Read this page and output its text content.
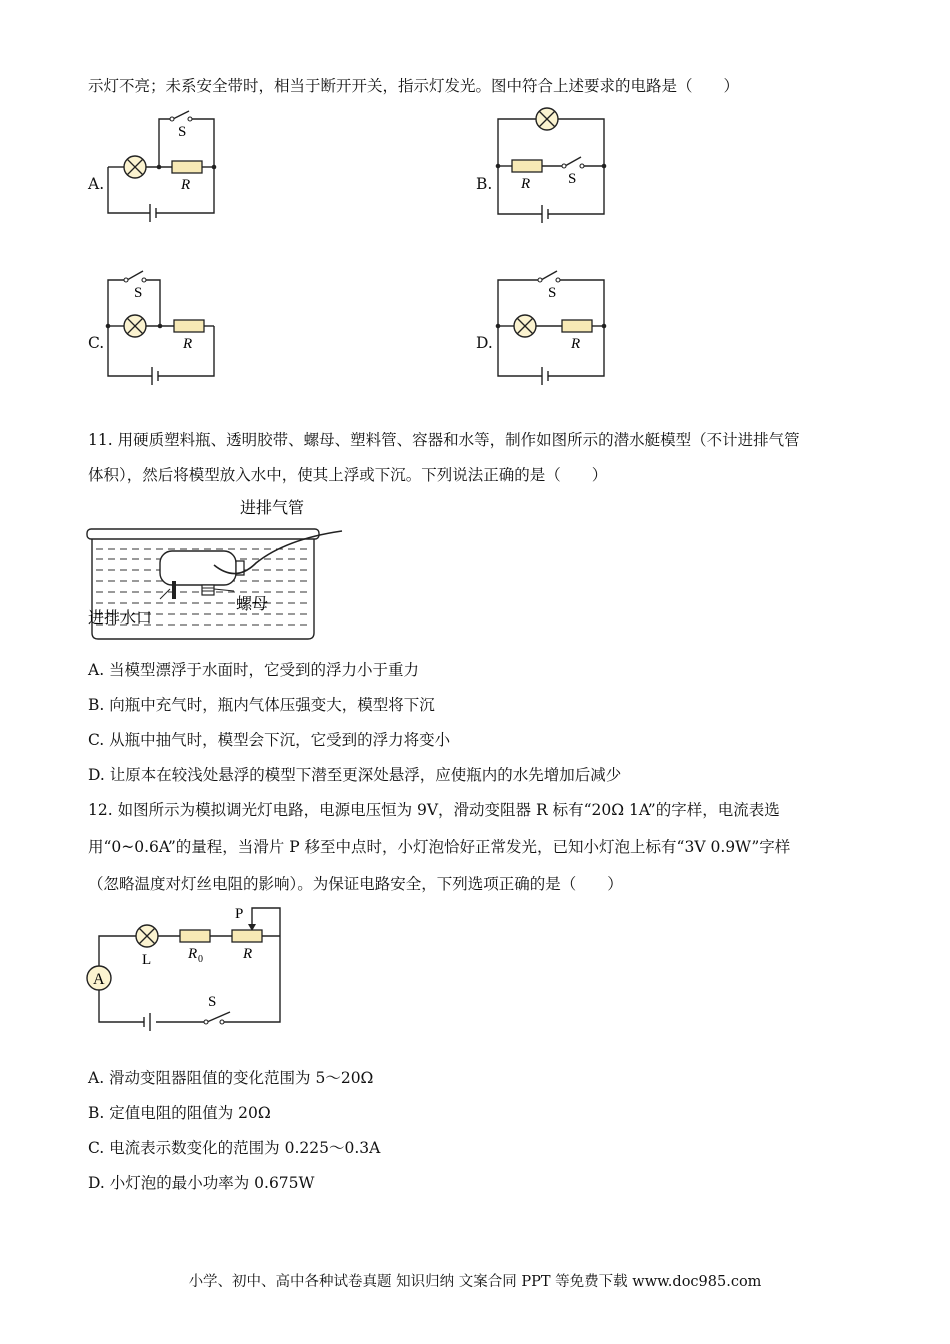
示灯不亮；未系安全带时，相当于断开开关，指示灯发光。图中符合上述要求的电路是（　　）
S
R
A.	S
R
B.
S
R
C.
S
R
D.
11. 用硬质塑料瓶、透明胶带、螺母、塑料管、容器和水等，制作如图所示的潜水艇模型（不计进排气管
体积），然后将模型放入水中，使其上浮或下沉。下列说法正确的是（　　）
进排气管
进排水口
螺母
A. 当模型漂浮于水面时，它受到的浮力小于重力
B. 向瓶中充气时，瓶内气体压强变大，模型将下沉
C. 从瓶中抽气时，模型会下沉，它受到的浮力将变小
D. 让原本在较浅处悬浮的模型下潜至更深处悬浮，应使瓶内的水先增加后减少
12. 如图所示为模拟调光灯电路，电源电压恒为 9V，滑动变阻器 R 标有“20Ω 1A”的字样，电流表选
用“0~0.6A”的量程，当滑片 P 移至中点时，小灯泡恰好正常发光，已知小灯泡上标有“3V 0.9W”字样
（忽略温度对灯丝电阻的影响）。为保证电路安全，下列选项正确的是（　　）
A
P
L R 0	R
S
A. 滑动变阻器阻值的变化范围为 5～20Ω
B. 定值电阻的阻值为 20Ω
C. 电流表示数变化的范围为 0.225～0.3A
D. 小灯泡的最小功率为 0.675W
小学、初中、高中各种试卷真题 知识归纳 文案合同 PPT 等免费下载 www.doc985.com
